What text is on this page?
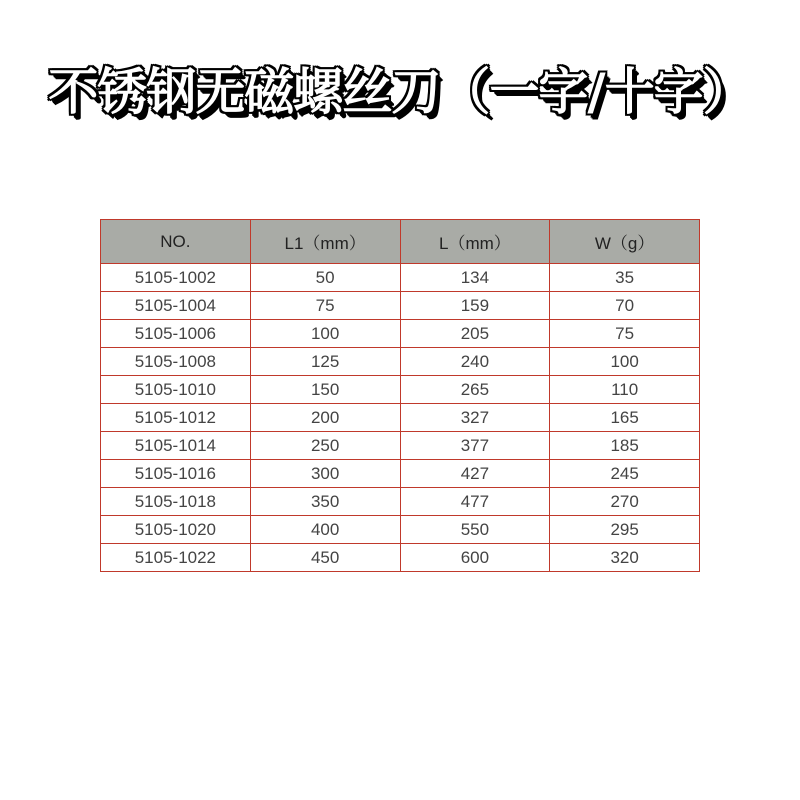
不锈钢无磁螺丝刀（一字/十字）
NO.	L1（mm）	L（mm）	W（g）
5105-1002	50	134	35
5105-1004	75	159	70
5105-1006	100	205	75
5105-1008	125	240	100
5105-1010	150	265	110
5105-1012	200	327	165
5105-1014	250	377	185
5105-1016	300	427	245
5105-1018	350	477	270
5105-1020	400	550	295
5105-1022	450	600	320
